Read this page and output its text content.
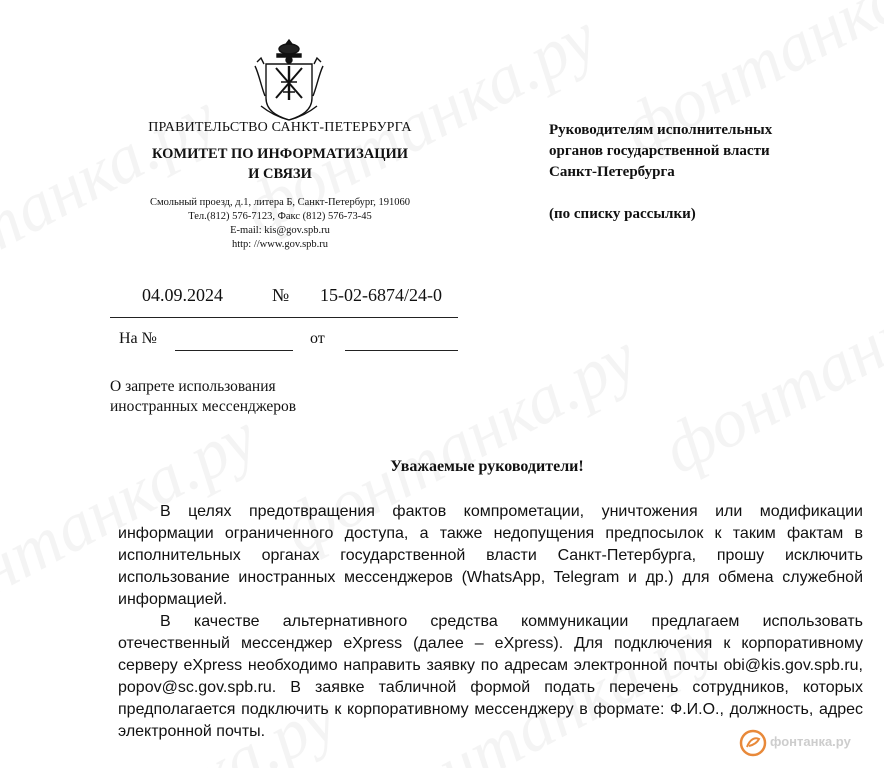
ПРАВИТЕЛЬСТВО САНКТ-ПЕТЕРБУРГА
КОМИТЕТ ПО ИНФОРМАТИЗАЦИИ
И СВЯЗИ
Смольный проезд, д.1, литера Б, Санкт-Петербург, 191060
Тел.(812) 576-7123, Факс (812) 576-73-45
E-mail: kis@gov.spb.ru
http: //www.gov.spb.ru
Руководителям исполнительных
органов государственной власти
Санкт-Петербурга
(по списку рассылки)
04.09.2024	№ 15-02-6874/24-0
На №	от
О запрете использования
иностранных мессенджеров
Уважаемые руководители!

В целях предотвращения фактов компрометации, уничтожения или модификации информации ограниченного доступа, а также недопущения предпосылок к таким фактам в исполнительных органах государственной власти Санкт-Петербурга, прошу исключить использование иностранных мессенджеров (WhatsApp, Telegram и др.) для обмена служебной информацией.

В качестве альтернативного средства коммуникации предлагаем использовать отечественный мессенджер eXpress (далее – eXpress). Для подключения к корпоративному серверу eXpress необходимо направить заявку по адресам электронной почты obi@kis.gov.spb.ru, popov@sc.gov.spb.ru. В заявке табличной формой подать перечень сотрудников, которых предполагается подключить к корпоративному мессенджеру в формате: Ф.И.О., должность, адрес электронной почты.

фонтанка.ру
